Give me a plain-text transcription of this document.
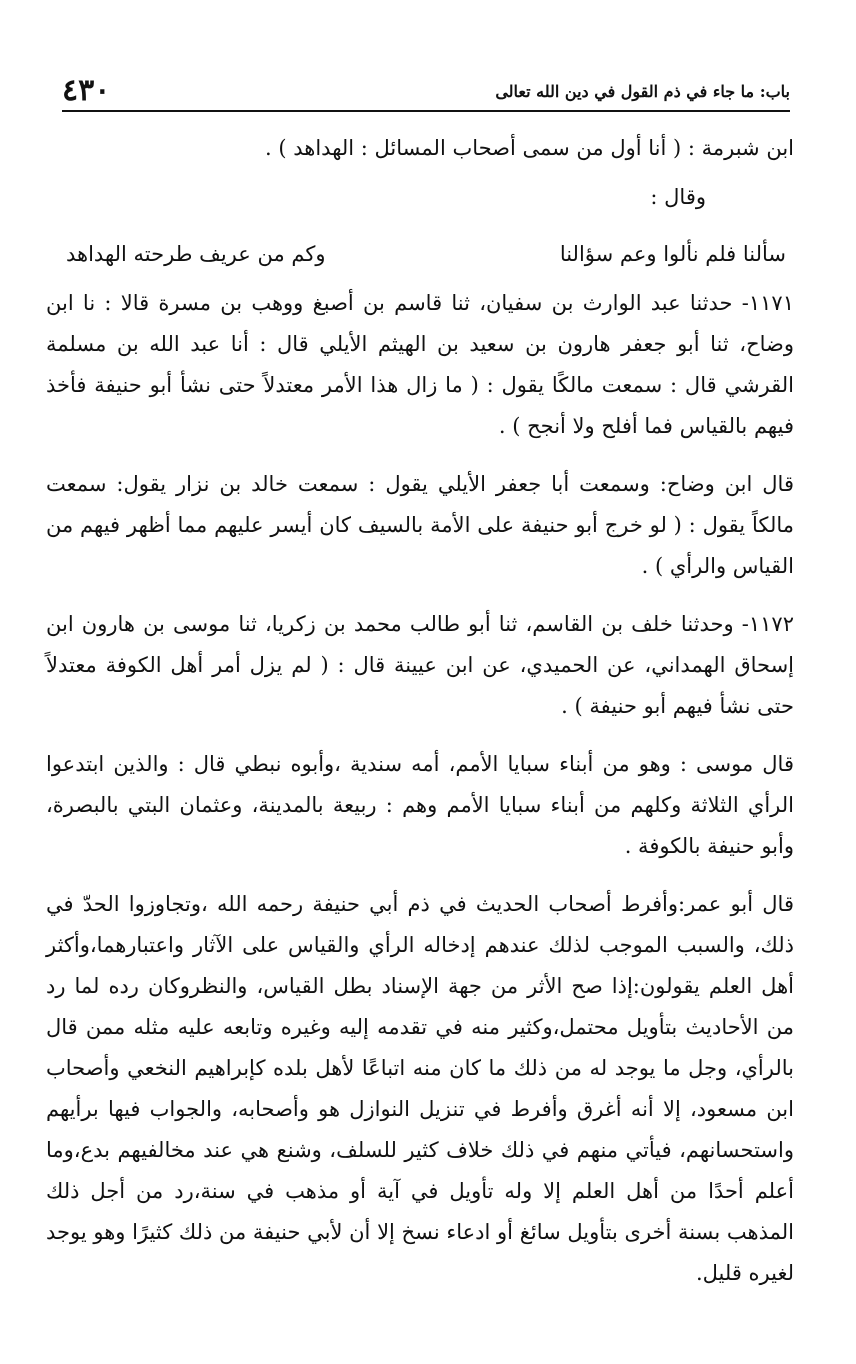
باب: ما جاء في ذم القول في دين الله تعالى
٤٣٠

ابن شبرمة : ( أنا أول من سمى أصحاب المسائل : الهداهد ) .

وقال :

سألنا فلم نألوا وعم سؤالنا
وكم من عريف طرحته الهداهد

١١٧١- حدثنا عبد الوارث بن سفيان، ثنا قاسم بن أصبغ ووهب بن مسرة قالا : نا ابن وضاح، ثنا أبو جعفر هارون بن سعيد بن الهيثم الأيلي قال : أنا عبد الله بن مسلمة القرشي قال : سمعت مالكًا يقول : ( ما زال هذا الأمر معتدلاً حتى نشأ أبو حنيفة فأخذ فيهم بالقياس فما أفلح ولا أنجح ) .

قال ابن وضاح: وسمعت أبا جعفر الأيلي يقول : سمعت خالد بن نزار يقول: سمعت مالكاً يقول : ( لو خرج أبو حنيفة على الأمة بالسيف كان أيسر عليهم مما أظهر فيهم من القياس والرأي ) .

١١٧٢- وحدثنا خلف بن القاسم، ثنا أبو طالب محمد بن زكريا، ثنا موسى بن هارون ابن إسحاق الهمداني، عن الحميدي، عن ابن عيينة قال : ( لم يزل أمر أهل الكوفة معتدلاً حتى نشأ فيهم أبو حنيفة ) .

قال موسى : وهو من أبناء سبايا الأمم، أمه سندية ،وأبوه نبطي قال : والذين ابتدعوا الرأي الثلاثة وكلهم من أبناء سبايا الأمم وهم : ربيعة بالمدينة، وعثمان البتي بالبصرة، وأبو حنيفة بالكوفة .

قال أبو عمر:وأفرط أصحاب الحديث في ذم أبي حنيفة رحمه الله ،وتجاوزوا الحدّ في ذلك، والسبب الموجب لذلك عندهم إدخاله الرأي والقياس على الآثار واعتبارهما،وأكثر أهل العلم يقولون:إذا صح الأثر من جهة الإسناد بطل القياس، والنظروكان رده لما رد من الأحاديث بتأويل محتمل،وكثير منه في تقدمه إليه وغيره وتابعه عليه مثله ممن قال بالرأي، وجل ما يوجد له من ذلك ما كان منه اتباعًا لأهل بلده كإبراهيم النخعي وأصحاب ابن مسعود، إلا أنه أغرق وأفرط في تنزيل النوازل هو وأصحابه، والجواب فيها برأيهم واستحسانهم، فيأتي منهم في ذلك خلاف كثير للسلف، وشنع هي عند مخالفيهم بدع،وما أعلم أحدًا من أهل العلم إلا وله تأويل في آية أو مذهب في سنة،رد من أجل ذلك المذهب بسنة أخرى بتأويل سائغ أو ادعاء نسخ إلا أن لأبي حنيفة من ذلك كثيرًا وهو يوجد لغيره قليل.
